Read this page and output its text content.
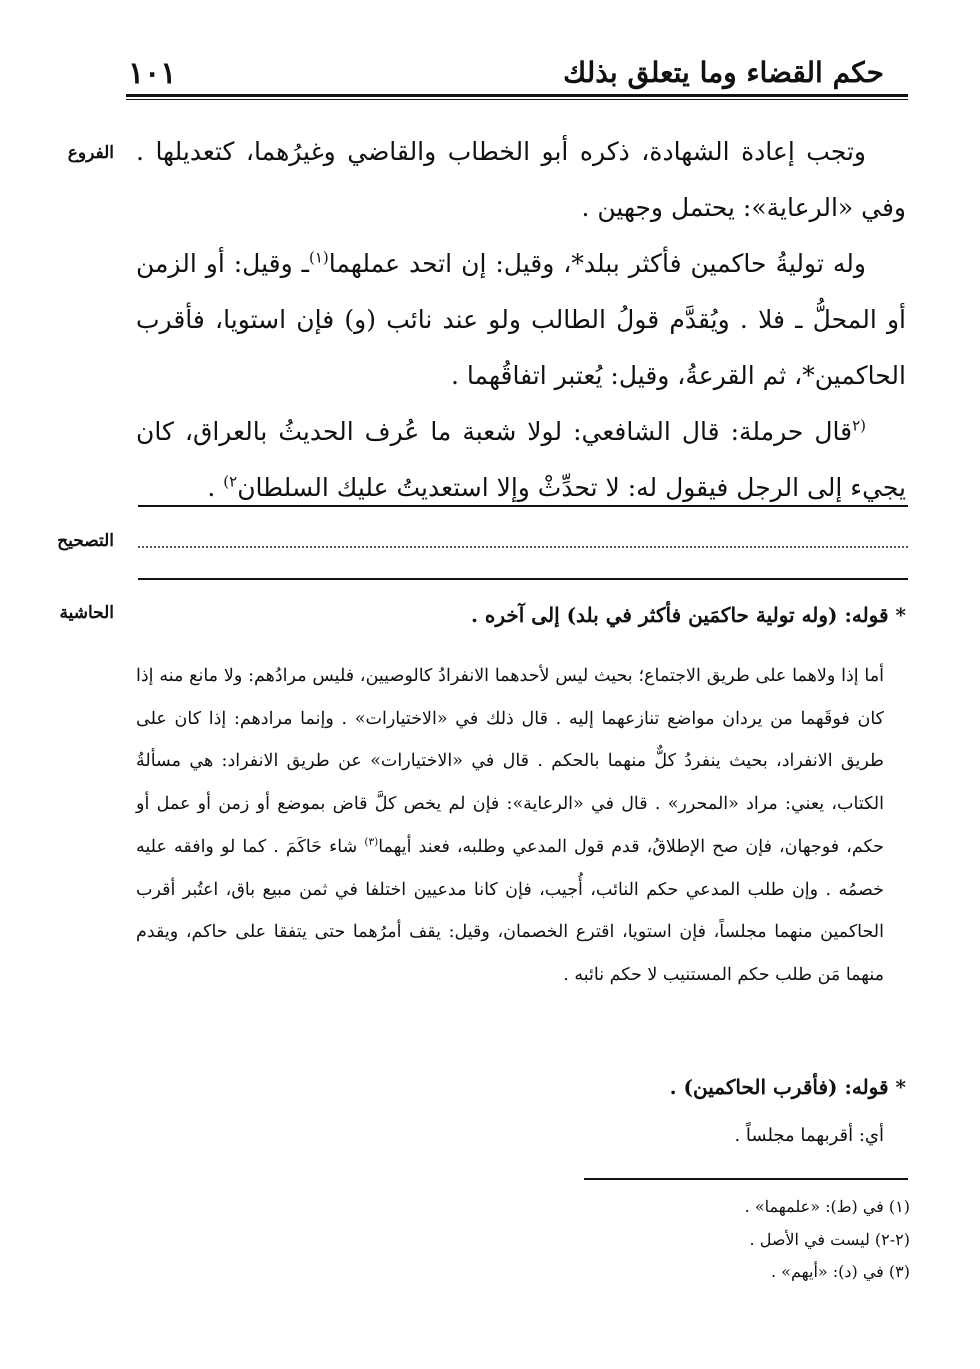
حكم القضاء وما يتعلق بذلك
١٠١
الفروع
التصحيح
الحاشية

وتجب إعادة الشهادة، ذكره أبو الخطاب والقاضي وغيرُهما، كتعديلها . وفي «الرعاية»: يحتمل وجهين .

وله توليةُ حاكمين فأكثر ببلد*، وقيل: إن اتحد عملهما$^{(١)}$ـ وقيل: أو الزمن أو المحلُّ ـ فلا . ويُقدَّم قولُ الطالب ولو عند نائب (و) فإن استويا، فأقرب الحاكمين*، ثم القرعةُ، وقيل: يُعتبر اتفاقُهما .

$^{(٢}$قال حرملة: قال الشافعي: لولا شعبة ما عُرف الحديثُ بالعراق، كان يجيء إلى الرجل فيقول له: لا تحدِّثْ وإلا استعديتُ عليك السلطان$^{٢)}$ .

* قوله: (وله تولية حاكمَين فأكثر في بلد) إلى آخره .

أما إذا ولاهما على طريق الاجتماع؛ بحيث ليس لأحدهما الانفرادُ كالوصيين، فليس مرادُهم: ولا مانع منه إذا كان فوقَهما من يردان مواضع تنازعهما إليه . قال ذلك في «الاختيارات» . وإنما مرادهم: إذا كان على طريق الانفراد، بحيث ينفردُ كلٌّ منهما بالحكم . قال في «الاختيارات» عن طريق الانفراد: هي مسألةُ الكتاب، يعني: مراد «المحرر» . قال في «الرعاية»: فإن لم يخص كلَّ قاض بموضع أو زمن أو عمل أو حكم، فوجهان، فإن صح الإطلاقُ، قدم قول المدعي وطلبه، فعند أيهما$^{(٣)}$ شاء حَاكَمَ . كما لو وافقه عليه خصمُه . وإن طلب المدعي حكم النائب، أُجيب، فإن كانا مدعيين اختلفا في ثمن مبيع باق، اعتُبر أقرب الحاكمين منهما مجلساً، فإن استويا، اقترع الخصمان، وقيل: يقف أمرُهما حتى يتفقا على حاكم، ويقدم منهما مَن طلب حكم المستنيب لا حكم نائبه .

* قوله: (فأقرب الحاكمين) .
أي: أقربهما مجلساً .
(١) في (ط): «علمهما» .
(٢-٢) ليست في الأصل .
(٣) في (د): «أيهم» .
